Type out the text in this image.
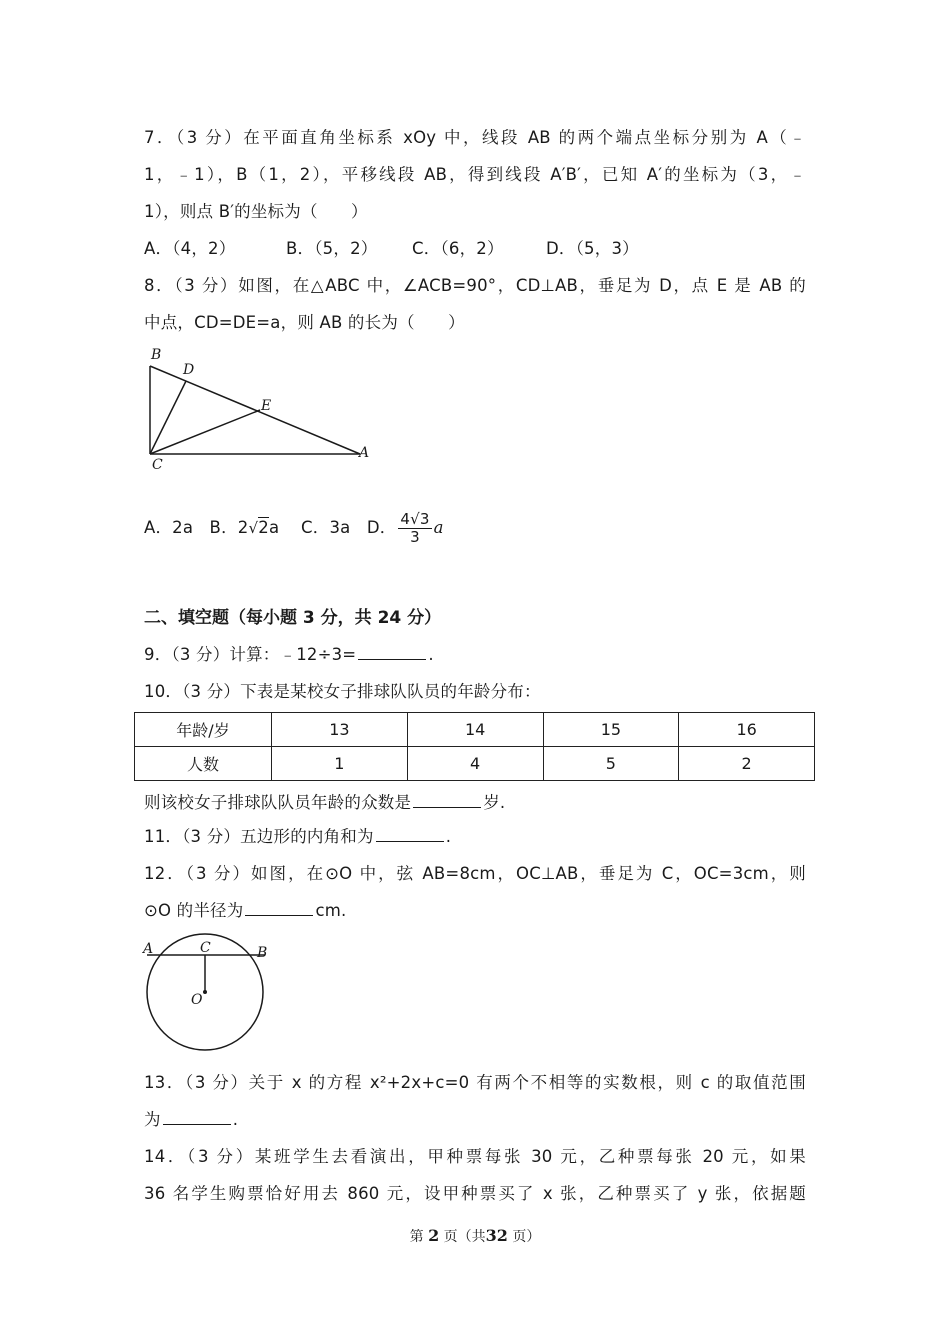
7．（3 分）在平面直角坐标系 xOy 中，线段 AB 的两个端点坐标分别为 A（﹣
1，﹣1），B（1，2），平移线段 AB，得到线段 A′B′，已知 A′的坐标为（3，﹣
1），则点 B′的坐标为（　　）
A．（4，2）	B．（5，2） C．（6，2）	D．（5，3）
8．（3 分）如图，在△ABC 中，∠ACB=90°，CD⊥AB，垂足为 D，点 E 是 AB 的
中点，CD=DE=a，则 AB 的长为（　　）
B
D
E
C
A
A．2a B．2√2a C．3a D． $\frac{4√3}{3}$ a
二、填空题（每小题 3 分，共 24 分）
9．（3 分）计算：﹣12÷3=	.
10．（3 分）下表是某校女子排球队队员的年龄分布：
年龄/岁	13	14	15	16
人数	1	4	5	2
则该校女子排球队队员年龄的众数是	岁.
11．（3 分）五边形的内角和为	.
12．（3 分）如图，在⊙O 中，弦 AB=8cm，OC⊥AB，垂足为 C，OC=3cm，则
⊙O 的半径为	cm.
A	C	B
O
13．（3 分）关于 x 的方程 x²+2x+c=0 有两个不相等的实数根，则 c 的取值范围
为	.
14．（3 分）某班学生去看演出，甲种票每张 30 元，乙种票每张 20 元，如果
36 名学生购票恰好用去 860 元，设甲种票买了 x 张，乙种票买了 y 张，依据题
第 2 页（共32 页）
